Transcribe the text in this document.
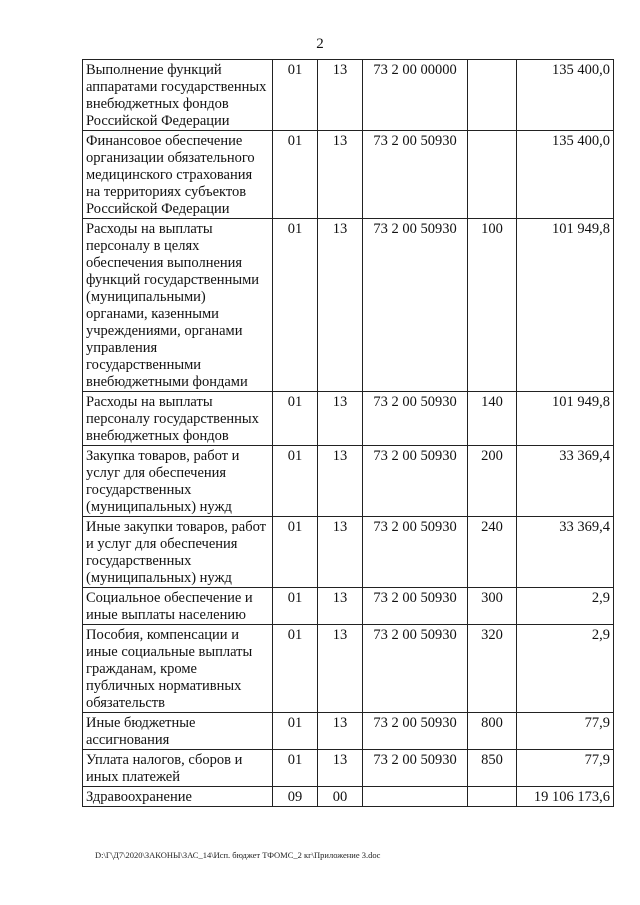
2
Выполнение функций аппаратами государственных внебюджетных фондов Российской Федерации	01	13	73 2 00 00000		135 400,0
Финансовое обеспечение организации обязательного медицинского страхования на территориях субъектов Российской Федерации	01	13	73 2 00 50930		135 400,0
Расходы на выплаты персоналу в целях обеспечения выполнения функций государственными (муниципальными) органами, казенными учреждениями, органами управления государственными внебюджетными фондами	01	13	73 2 00 50930	100	101 949,8
Расходы на выплаты персоналу государственных внебюджетных фондов	01	13	73 2 00 50930	140	101 949,8
Закупка товаров, работ и услуг для обеспечения государственных (муниципальных) нужд	01	13	73 2 00 50930	200	33 369,4
Иные закупки товаров, работ и услуг для обеспечения государственных (муниципальных) нужд	01	13	73 2 00 50930	240	33 369,4
Социальное обеспечение и иные выплаты населению	01	13	73 2 00 50930	300	2,9
Пособия, компенсации и иные социальные выплаты гражданам, кроме публичных нормативных обязательств	01	13	73 2 00 50930	320	2,9
Иные бюджетные ассигнования	01	13	73 2 00 50930	800	77,9
Уплата налогов, сборов и иных платежей	01	13	73 2 00 50930	850	77,9
Здравоохранение	09	00			19 106 173,6
D:\Г\Д7\2020\ЗАКОНЫ\ЗАС_14\Исп. бюджет ТФОМС_2 кг\Приложение 3.doc
